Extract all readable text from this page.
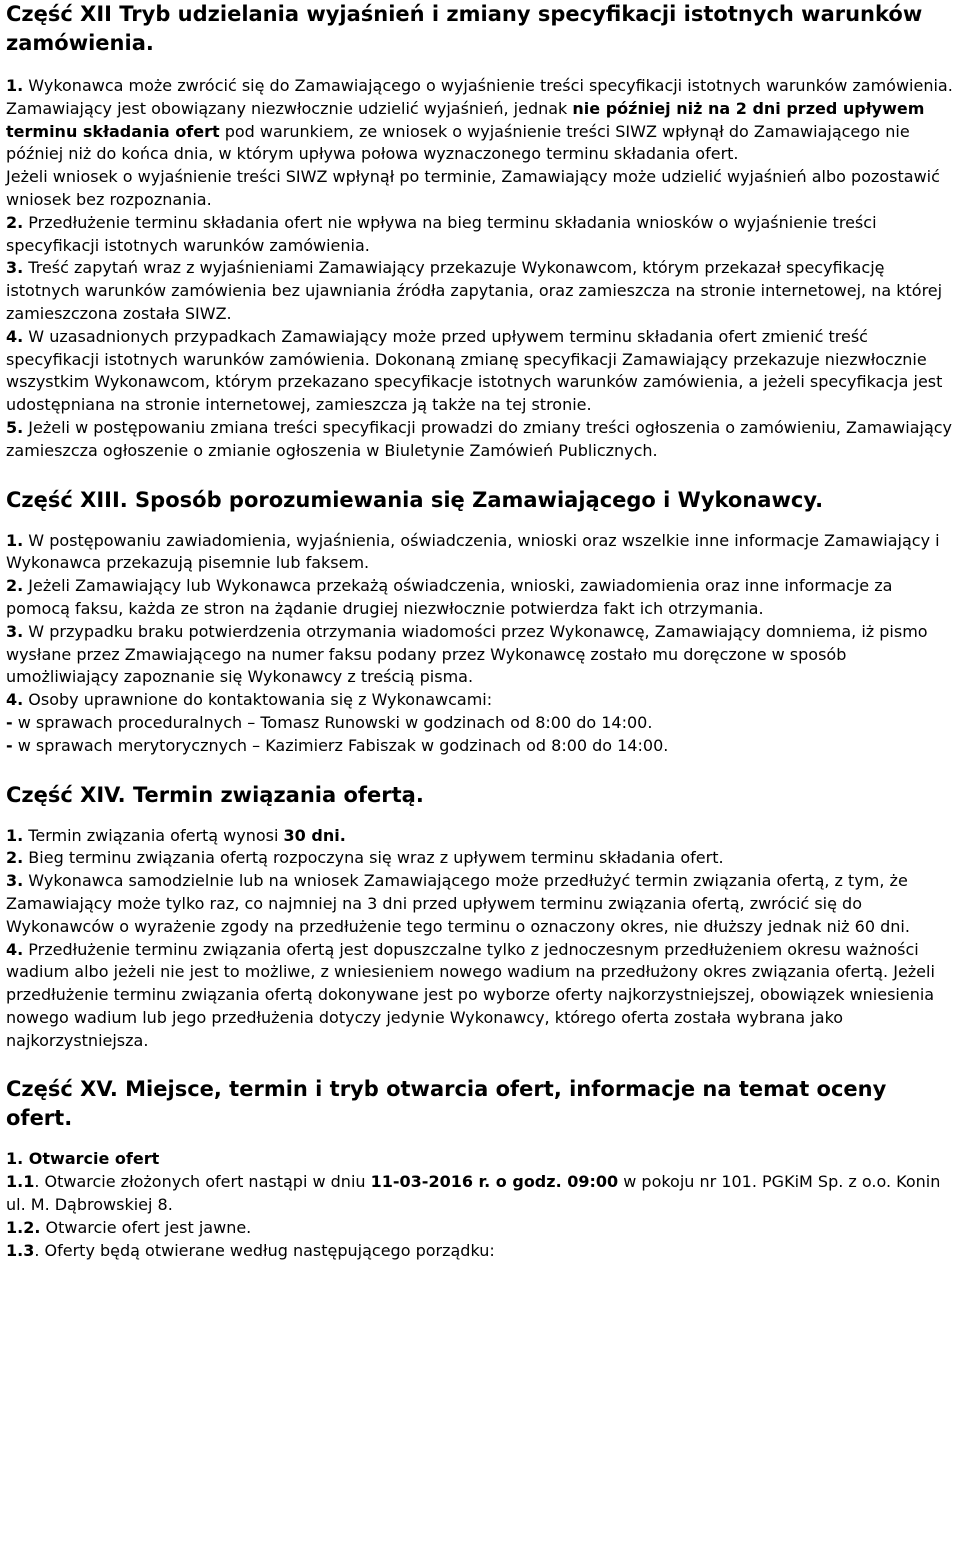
Część XII Tryb udzielania wyjaśnień i zmiany specyfikacji istotnych warunków zamówienia.

1. Wykonawca może zwrócić się do Zamawiającego o wyjaśnienie treści specyfikacji istotnych warunków zamówienia. Zamawiający jest obowiązany niezwłocznie udzielić wyjaśnień, jednak nie później niż na 2 dni przed upływem terminu składania ofert pod warunkiem, ze wniosek o wyjaśnienie treści SIWZ wpłynął do Zamawiającego nie później niż do końca dnia, w którym upływa połowa wyznaczonego terminu składania ofert.

Jeżeli wniosek o wyjaśnienie treści SIWZ wpłynął po terminie, Zamawiający może udzielić wyjaśnień albo pozostawić wniosek bez rozpoznania.

2. Przedłużenie terminu składania ofert nie wpływa na bieg terminu składania wniosków o wyjaśnienie treści specyfikacji istotnych warunków zamówienia.

3. Treść zapytań wraz z wyjaśnieniami Zamawiający przekazuje Wykonawcom, którym przekazał specyfikację istotnych warunków zamówienia bez ujawniania źródła zapytania, oraz zamieszcza na stronie internetowej, na której zamieszczona została SIWZ.

4. W uzasadnionych przypadkach Zamawiający może przed upływem terminu składania ofert zmienić treść specyfikacji istotnych warunków zamówienia. Dokonaną zmianę specyfikacji Zamawiający przekazuje niezwłocznie wszystkim Wykonawcom, którym przekazano specyfikacje istotnych warunków zamówienia, a jeżeli specyfikacja jest udostępniana na stronie internetowej, zamieszcza ją także na tej stronie.

5. Jeżeli w postępowaniu zmiana treści specyfikacji prowadzi do zmiany treści ogłoszenia o zamówieniu, Zamawiający zamieszcza ogłoszenie o zmianie ogłoszenia w Biuletynie Zamówień Publicznych.

Część XIII. Sposób porozumiewania się Zamawiającego i Wykonawcy.

1. W postępowaniu zawiadomienia, wyjaśnienia, oświadczenia, wnioski oraz wszelkie inne informacje Zamawiający i Wykonawca przekazują pisemnie lub faksem.

2. Jeżeli Zamawiający lub Wykonawca przekażą oświadczenia, wnioski, zawiadomienia oraz inne informacje za pomocą faksu, każda ze stron na żądanie drugiej niezwłocznie potwierdza fakt ich otrzymania.

3. W przypadku braku potwierdzenia otrzymania wiadomości przez Wykonawcę, Zamawiający domniema, iż pismo wysłane przez Zmawiającego na numer faksu podany przez Wykonawcę zostało mu doręczone w sposób umożliwiający zapoznanie się Wykonawcy z treścią pisma.

4. Osoby uprawnione do kontaktowania się z Wykonawcami:

- w sprawach proceduralnych – Tomasz Runowski w godzinach od 8:00 do 14:00.

- w sprawach merytorycznych – Kazimierz Fabiszak w godzinach od 8:00 do 14:00.

Część XIV. Termin związania ofertą.

1. Termin związania ofertą wynosi 30 dni.

2. Bieg terminu związania ofertą rozpoczyna się wraz z upływem terminu składania ofert.

3. Wykonawca samodzielnie lub na wniosek Zamawiającego może przedłużyć termin związania ofertą, z tym, że Zamawiający może tylko raz, co najmniej na 3 dni przed upływem terminu związania ofertą, zwrócić się do Wykonawców o wyrażenie zgody na przedłużenie tego terminu o oznaczony okres, nie dłuższy jednak niż 60 dni.

4. Przedłużenie terminu związania ofertą jest dopuszczalne tylko z jednoczesnym przedłużeniem okresu ważności wadium albo jeżeli nie jest to możliwe, z wniesieniem nowego wadium na przedłużony okres związania ofertą. Jeżeli przedłużenie terminu związania ofertą dokonywane jest po wyborze oferty najkorzystniejszej, obowiązek wniesienia nowego wadium lub jego przedłużenia dotyczy jedynie Wykonawcy, którego oferta została wybrana jako najkorzystniejsza.

Część XV. Miejsce, termin i tryb otwarcia ofert, informacje na temat oceny ofert.

1. Otwarcie ofert

1.1. Otwarcie złożonych ofert nastąpi w dniu 11-03-2016 r. o godz. 09:00 w pokoju nr 101. PGKiM Sp. z o.o. Konin ul. M. Dąbrowskiej 8.

1.2. Otwarcie ofert jest jawne.

1.3. Oferty będą otwierane według następującego porządku:
